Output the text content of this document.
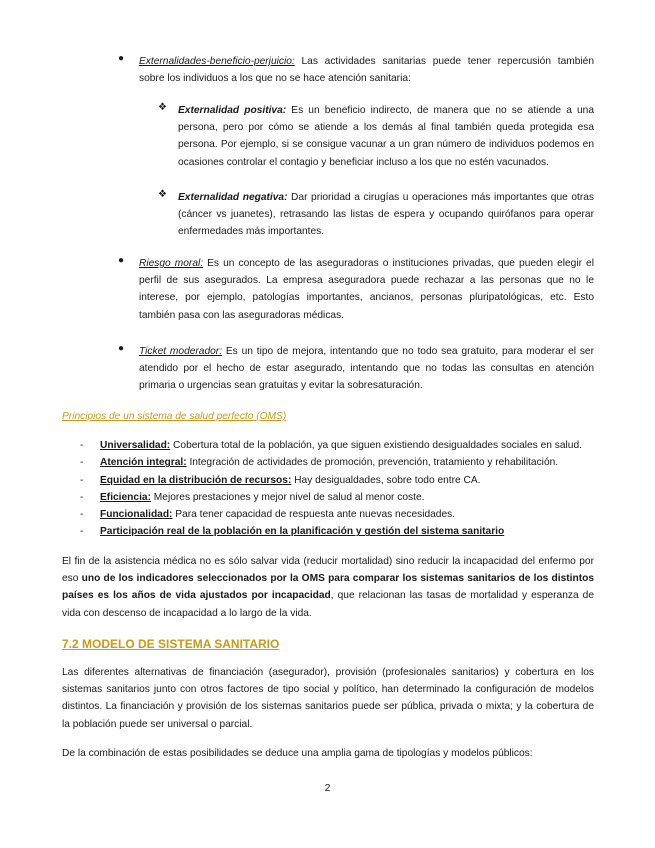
● Externalidades-beneficio-perjuicio: Las actividades sanitarias puede tener repercusión también sobre los individuos a los que no se hace atención sanitaria:

❖ Externalidad positiva: Es un beneficio indirecto, de manera que no se atiende a una persona, pero por cómo se atiende a los demás al final también queda protegida esa persona. Por ejemplo, si se consigue vacunar a un gran número de individuos podemos en ocasiones controlar el contagio y beneficiar incluso a los que no estén vacunados.

❖ Externalidad negativa: Dar prioridad a cirugías u operaciones más importantes que otras (cáncer vs juanetes), retrasando las listas de espera y ocupando quirófanos para operar enfermedades más importantes.

● Riesgo moral: Es un concepto de las aseguradoras o instituciones privadas, que pueden elegir el perfil de sus asegurados. La empresa aseguradora puede rechazar a las personas que no le interese, por ejemplo, patologías importantes, ancianos, personas pluripatológicas, etc. Esto también pasa con las aseguradoras médicas.

● Ticket moderador: Es un tipo de mejora, intentando que no todo sea gratuito, para moderar el ser atendido por el hecho de estar asegurado, intentando que no todas las consultas en atención primaria o urgencias sean gratuitas y evitar la sobresaturación.

Principios de un sistema de salud perfecto (OMS)
- Universalidad: Cobertura total de la población, ya que siguen existiendo desigualdades sociales en salud.
- Atención integral: Integración de actividades de promoción, prevención, tratamiento y rehabilitación.
- Equidad en la distribución de recursos: Hay desigualdades, sobre todo entre CA.
- Eficiencia: Mejores prestaciones y mejor nivel de salud al menor coste.
- Funcionalidad: Para tener capacidad de respuesta ante nuevas necesidades.
- Participación real de la población en la planificación y gestión del sistema sanitario

El fin de la asistencia médica no es sólo salvar vida (reducir mortalidad) sino reducir la incapacidad del enfermo por eso uno de los indicadores seleccionados por la OMS para comparar los sistemas sanitarios de los distintos países es los años de vida ajustados por incapacidad, que relacionan las tasas de mortalidad y esperanza de vida con descenso de incapacidad a lo largo de la vida.

7.2 MODELO DE SISTEMA SANITARIO

Las diferentes alternativas de financiación (asegurador), provisión (profesionales sanitarios) y cobertura en los sistemas sanitarios junto con otros factores de tipo social y político, han determinado la configuración de modelos distintos. La financiación y provisión de los sistemas sanitarios puede ser pública, privada o mixta; y la cobertura de la población puede ser universal o parcial.

De la combinación de estas posibilidades se deduce una amplia gama de tipologías y modelos públicos:

2
